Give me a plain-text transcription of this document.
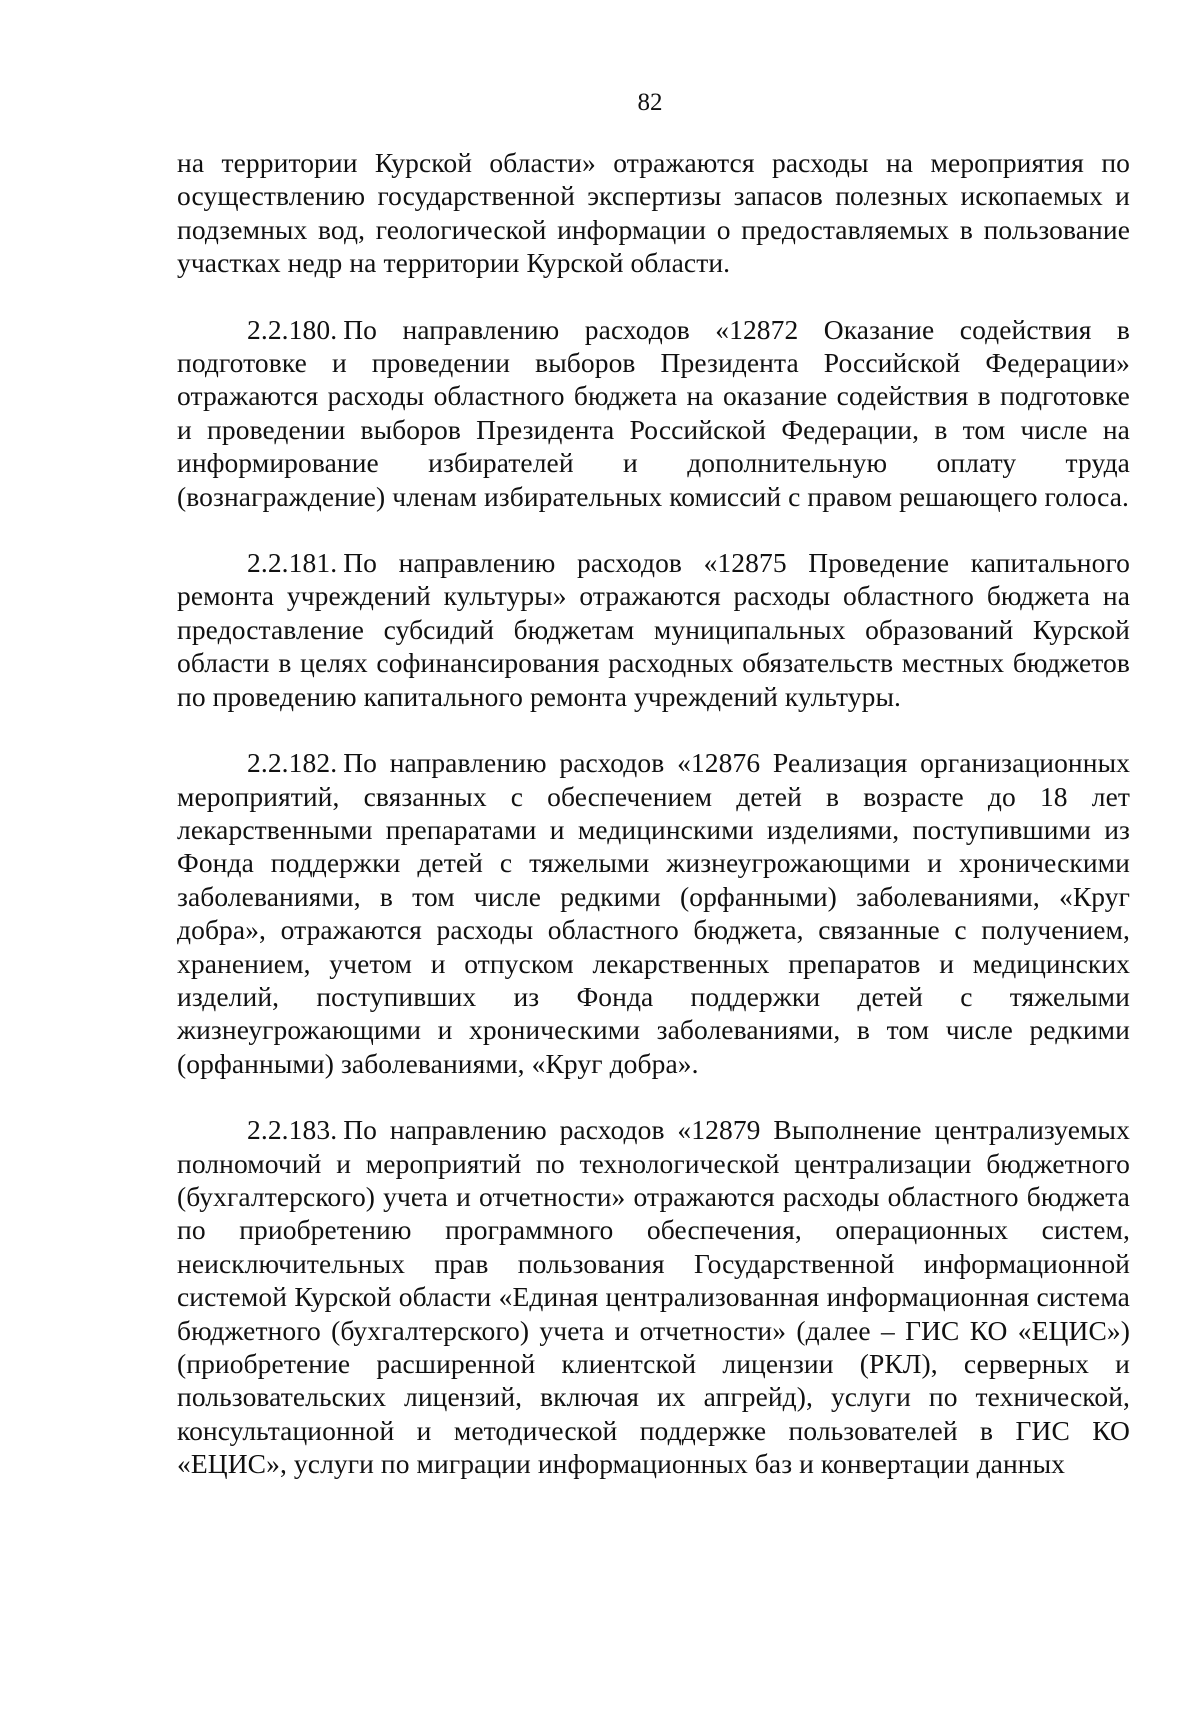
82

на территории Курской области» отражаются расходы на мероприятия по осуществлению государственной экспертизы запасов полезных ископаемых и подземных вод, геологической информации о предоставляемых в пользование участках недр на территории Курской области.

2.2.180. По направлению расходов «12872 Оказание содействия в подготовке и проведении выборов Президента Российской Федерации» отражаются расходы областного бюджета на оказание содействия в подготовке и проведении выборов Президента Российской Федерации, в том числе на информирование избирателей и дополнительную оплату труда (вознаграждение) членам избирательных комиссий с правом решающего голоса.

2.2.181. По направлению расходов «12875 Проведение капитального ремонта учреждений культуры» отражаются расходы областного бюджета на предоставление субсидий бюджетам муниципальных образований Курской области в целях софинансирования расходных обязательств местных бюджетов по проведению капитального ремонта учреждений культуры.

2.2.182. По направлению расходов «12876 Реализация организационных мероприятий, связанных с обеспечением детей в возрасте до 18 лет лекарственными препаратами и медицинскими изделиями, поступившими из Фонда поддержки детей с тяжелыми жизнеугрожающими и хроническими заболеваниями, в том числе редкими (орфанными) заболеваниями, «Круг добра», отражаются расходы областного бюджета, связанные с получением, хранением, учетом и отпуском лекарственных препаратов и медицинских изделий, поступивших из Фонда поддержки детей с тяжелыми жизнеугрожающими и хроническими заболеваниями, в том числе редкими (орфанными) заболеваниями, «Круг добра».

2.2.183. По направлению расходов «12879 Выполнение централизуемых полномочий и мероприятий по технологической централизации бюджетного (бухгалтерского) учета и отчетности» отражаются расходы областного бюджета по приобретению программного обеспечения, операционных систем, неисключительных прав пользования Государственной информационной системой Курской области «Единая централизованная информационная система бюджетного (бухгалтерского) учета и отчетности» (далее – ГИС КО «ЕЦИС») (приобретение расширенной клиентской лицензии (РКЛ), серверных и пользовательских лицензий, включая их апгрейд), услуги по технической, консультационной и методической поддержке пользователей в ГИС КО «ЕЦИС», услуги по миграции информационных баз и конвертации данных
